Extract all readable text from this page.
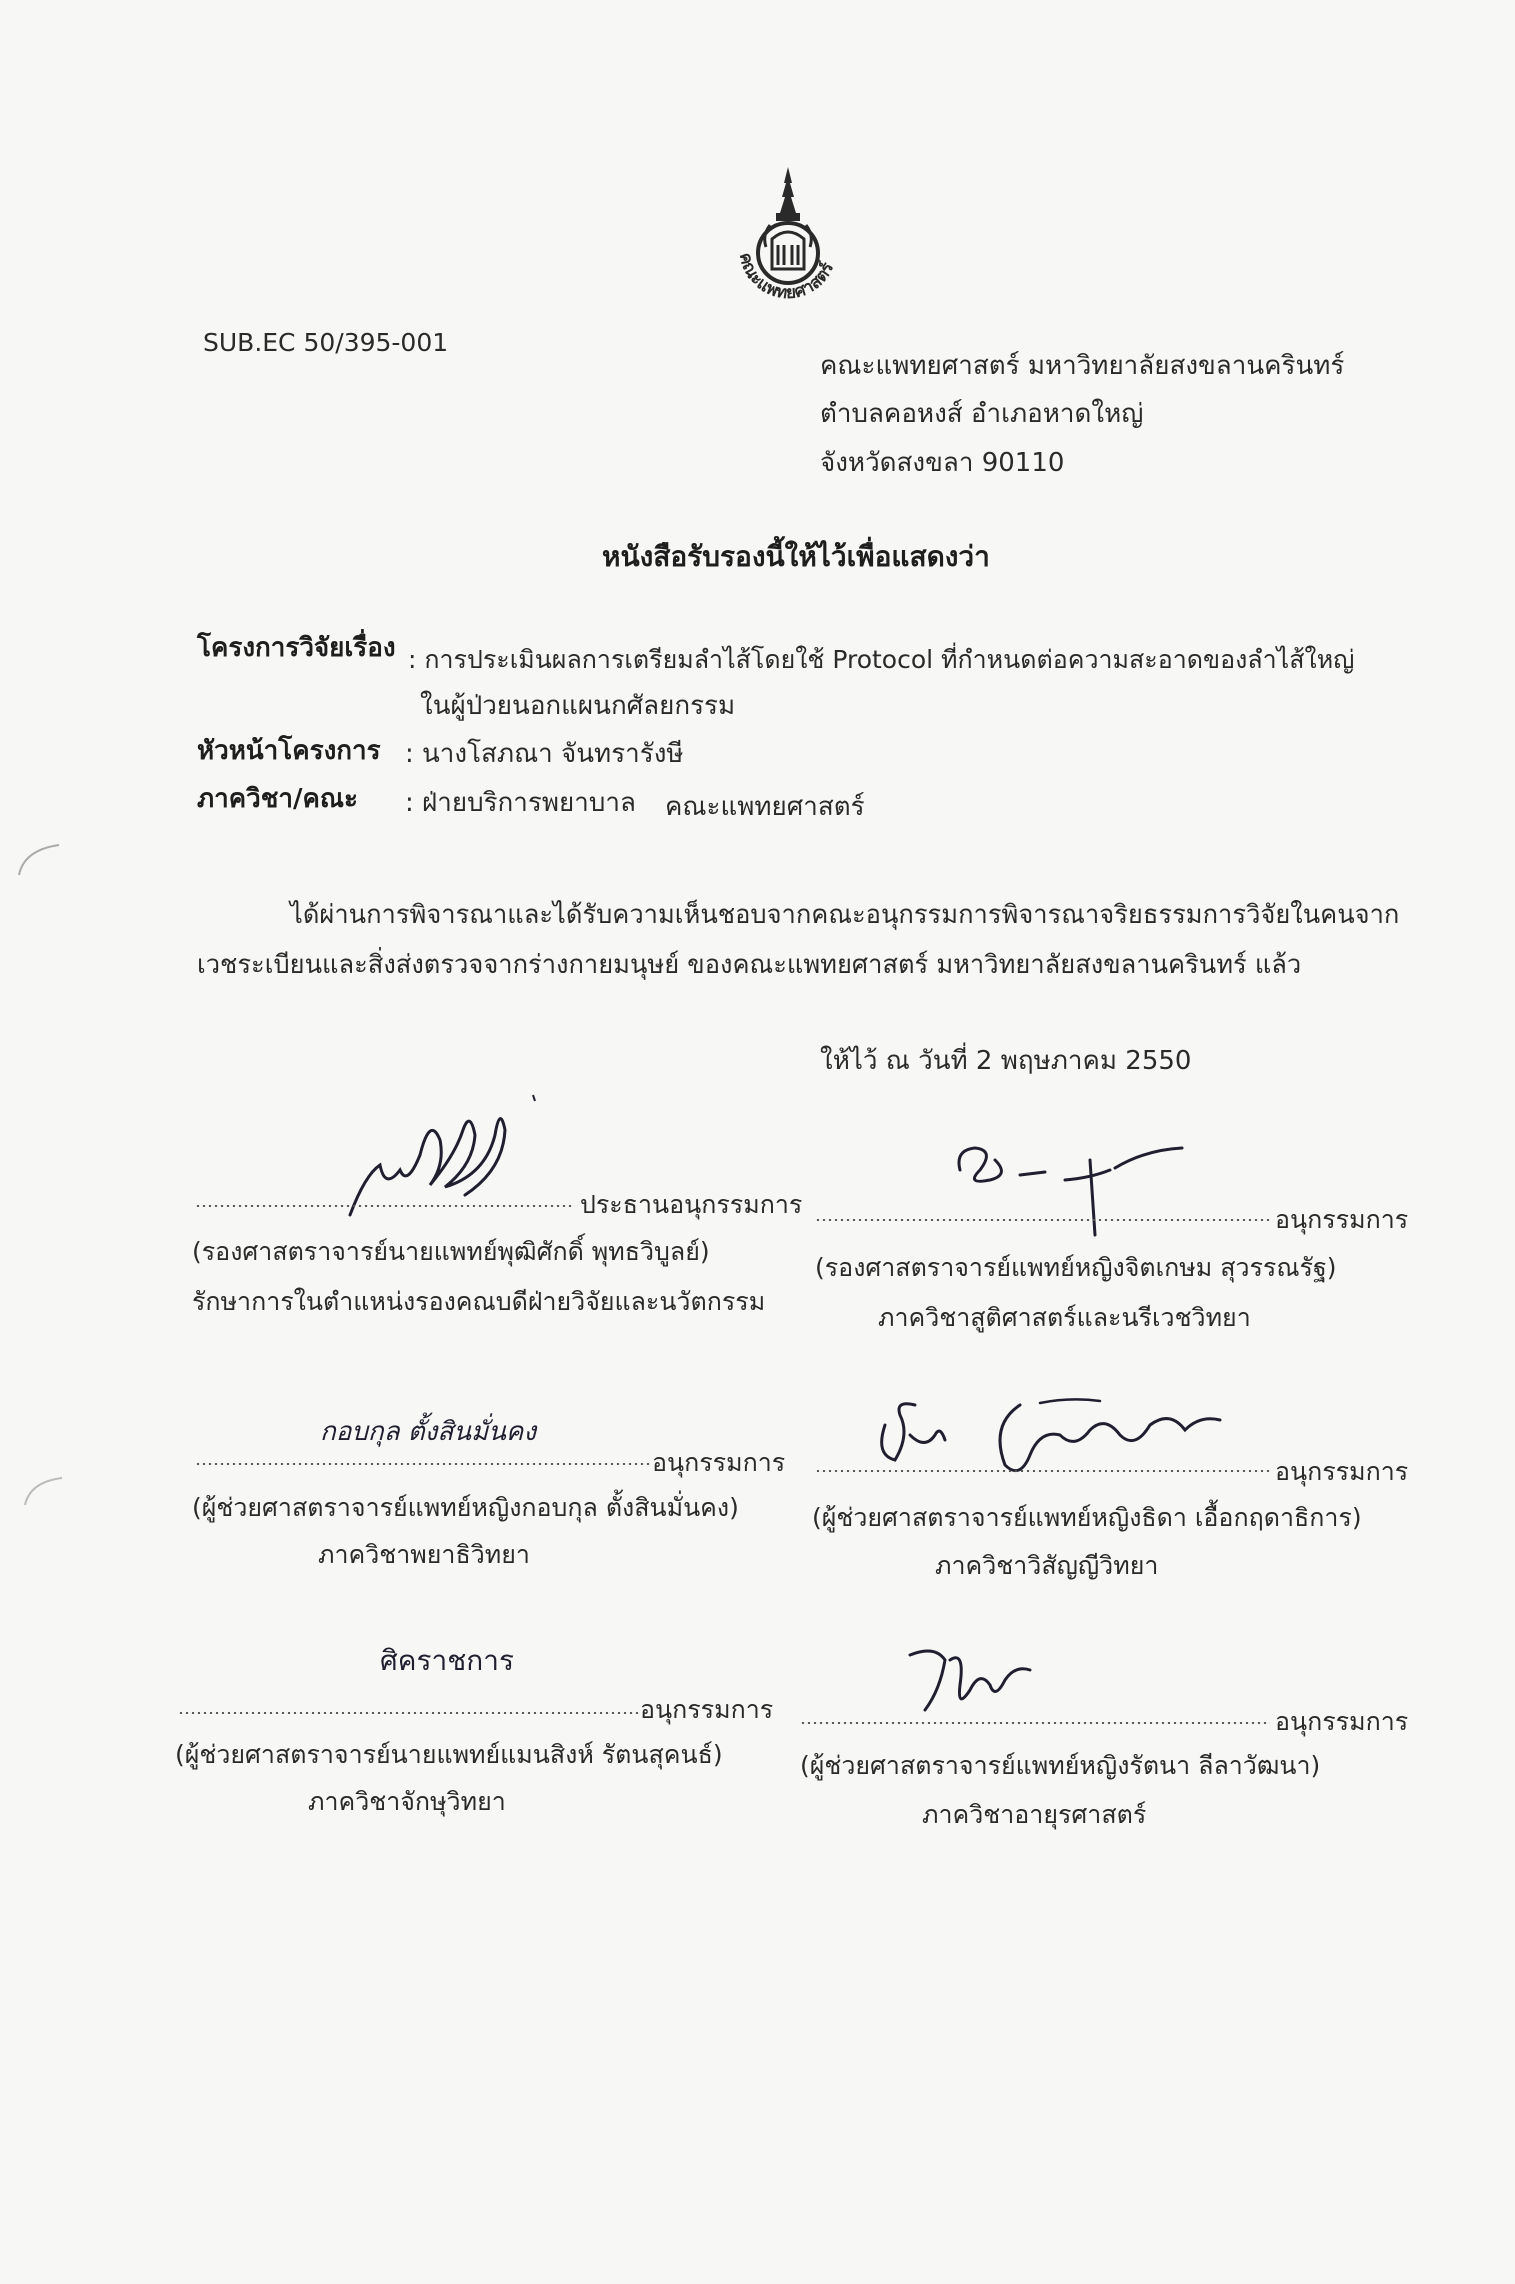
คณะแพทยศาสตร์
SUB.EC 50/395-001
คณะแพทยศาสตร์ มหาวิทยาลัยสงขลานครินทร์
ตำบลคอหงส์ อำเภอหาดใหญ่
จังหวัดสงขลา 90110
หนังสือรับรองนี้ให้ไว้เพื่อแสดงว่า
โครงการวิจัยเรื่อง : การประเมินผลการเตรียมลำไส้โดยใช้ Protocol ที่กำหนดต่อความสะอาดของลำไส้ใหญ่
ในผู้ป่วยนอกแผนกศัลยกรรม
หัวหน้าโครงการ : นางโสภณา จันทรารังษี
ภาควิชา/คณะ : ฝ่ายบริการพยาบาล คณะแพทยศาสตร์
ได้ผ่านการพิจารณาและได้รับความเห็นชอบจากคณะอนุกรรมการพิจารณาจริยธรรมการวิจัยในคนจาก
เวชระเบียนและสิ่งส่งตรวจจากร่างกายมนุษย์ ของคณะแพทยศาสตร์ มหาวิทยาลัยสงขลานครินทร์ แล้ว
ให้ไว้ ณ วันที่ 2 พฤษภาคม 2550
ประธานอนุกรรมการ
(รองศาสตราจารย์นายแพทย์พุฒิศักดิ์ พุทธวิบูลย์)
รักษาการในตำแหน่งรองคณบดีฝ่ายวิจัยและนวัตกรรม
อนุกรรมการ
(รองศาสตราจารย์แพทย์หญิงจิตเกษม สุวรรณรัฐ)
ภาควิชาสูติศาสตร์และนรีเวชวิทยา
กอบกุล ตั้งสินมั่นคง
อนุกรรมการ
(ผู้ช่วยศาสตราจารย์แพทย์หญิงกอบกุล ตั้งสินมั่นคง)
ภาควิชาพยาธิวิทยา
อนุกรรมการ
(ผู้ช่วยศาสตราจารย์แพทย์หญิงธิดา เอื้อกฤดาธิการ)
ภาควิชาวิสัญญีวิทยา
ศิคราชการ
อนุกรรมการ
(ผู้ช่วยศาสตราจารย์นายแพทย์แมนสิงห์ รัตนสุคนธ์)
ภาควิชาจักษุวิทยา
อนุกรรมการ
(ผู้ช่วยศาสตราจารย์แพทย์หญิงรัตนา ลีลาวัฒนา)
ภาควิชาอายุรศาสตร์
